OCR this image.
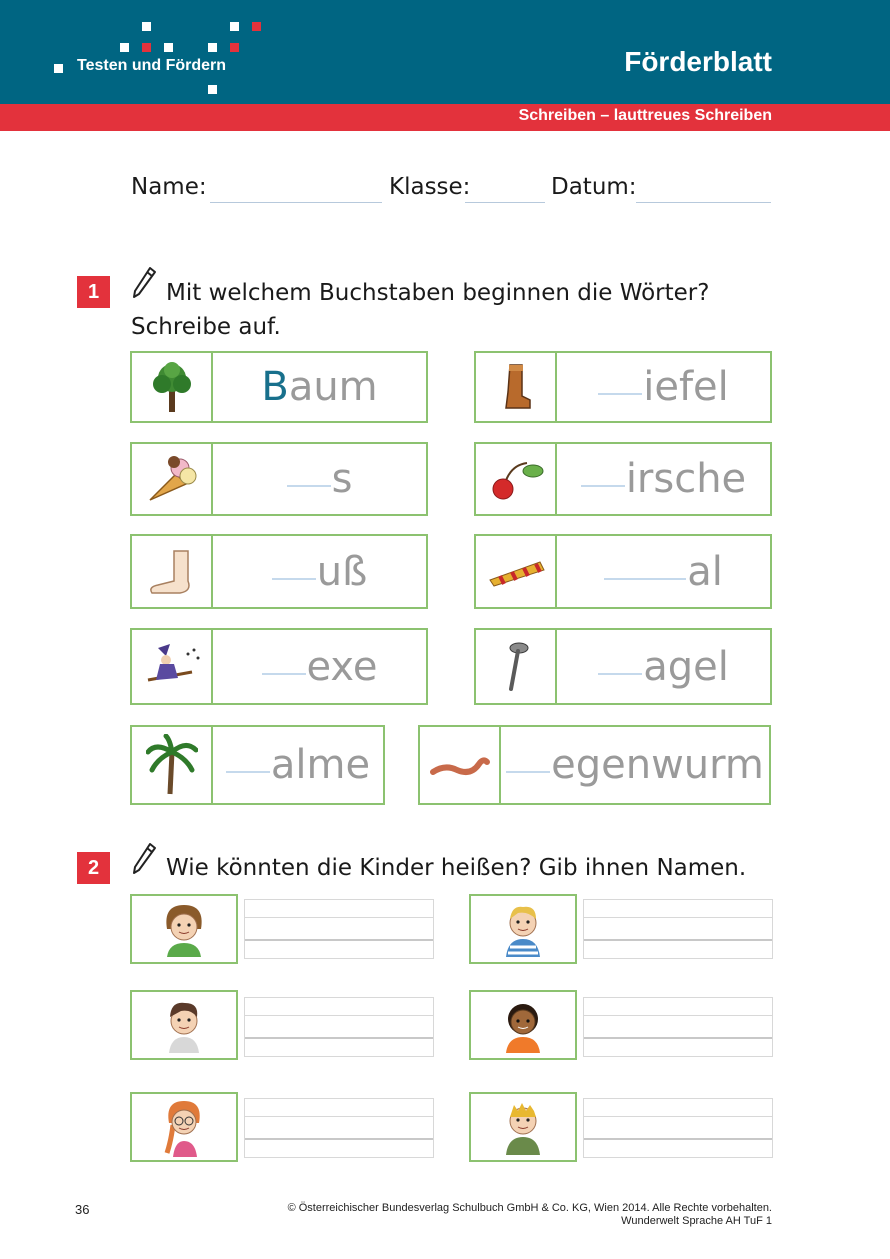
Testen und Fördern	Förderblatt
Schreiben – lauttreues Schreiben
Name:	Klasse:	Datum:
1	Mit welchem Buchstaben beginnen die Wörter?
Schreibe auf.
B aum	iefel
s	irsche
uß	al
exe	agel
alme	egenwurm
2	Wie könnten die Kinder heißen? Gib ihnen Namen.
36	© Österreichischer Bundesverlag Schulbuch GmbH & Co. KG, Wien 2014. Alle Rechte vorbehalten.
Wunderwelt Sprache AH TuF 1
